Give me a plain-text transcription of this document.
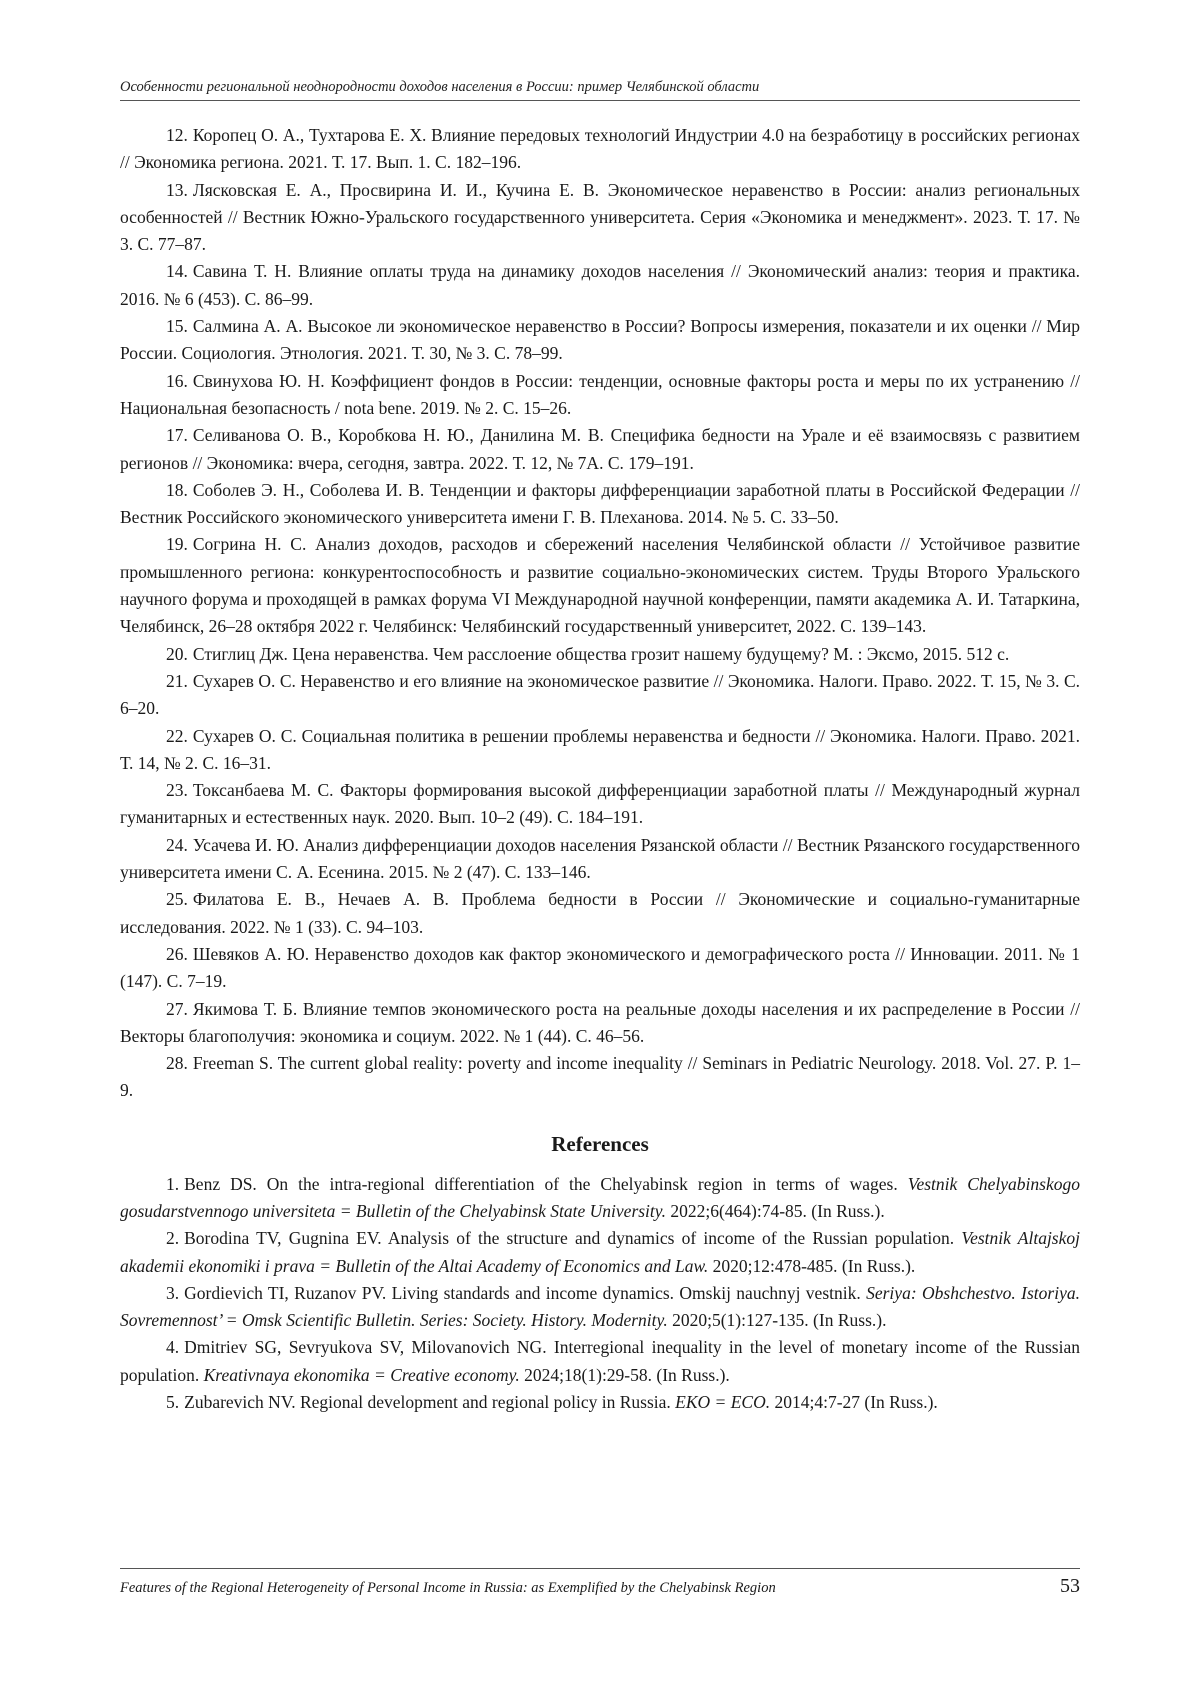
Особенности региональной неоднородности доходов населения в России: пример Челябинской области

12. Коропец О. А., Тухтарова Е. Х. Влияние передовых технологий Индустрии 4.0 на безработицу в российских регионах // Экономика региона. 2021. Т. 17. Вып. 1. С. 182–196.

13. Лясковская Е. А., Просвирина И. И., Кучина Е. В. Экономическое неравенство в России: анализ региональных особенностей // Вестник Южно-Уральского государственного университета. Серия «Экономика и менеджмент». 2023. Т. 17. № 3. С. 77–87.

14. Савина Т. Н. Влияние оплаты труда на динамику доходов населения // Экономический анализ: теория и практика. 2016. № 6 (453). С. 86–99.

15. Салмина А. А. Высокое ли экономическое неравенство в России? Вопросы измерения, показатели и их оценки // Мир России. Социология. Этнология. 2021. Т. 30, № 3. С. 78–99.

16. Свинухова Ю. Н. Коэффициент фондов в России: тенденции, основные факторы роста и меры по их устранению // Национальная безопасность / nota bene. 2019. № 2. С. 15–26.

17. Селиванова О. В., Коробкова Н. Ю., Данилина М. В. Специфика бедности на Урале и её взаимосвязь с развитием регионов // Экономика: вчера, сегодня, завтра. 2022. Т. 12, № 7А. С. 179–191.

18. Соболев Э. Н., Соболева И. В. Тенденции и факторы дифференциации заработной платы в Российской Федерации // Вестник Российского экономического университета имени Г. В. Плеханова. 2014. № 5. С. 33–50.

19. Согрина Н. С. Анализ доходов, расходов и сбережений населения Челябинской области // Устойчивое развитие промышленного региона: конкурентоспособность и развитие социально-экономических систем. Труды Второго Уральского научного форума и проходящей в рамках форума VI Международной научной конференции, памяти академика А. И. Татаркина, Челябинск, 26–28 октября 2022 г. Челябинск: Челябинский государственный университет, 2022. С. 139–143.

20. Стиглиц Дж. Цена неравенства. Чем расслоение общества грозит нашему будущему? М. : Эксмо, 2015. 512 с.

21. Сухарев О. С. Неравенство и его влияние на экономическое развитие // Экономика. Налоги. Право. 2022. Т. 15, № 3. С. 6–20.

22. Сухарев О. С. Социальная политика в решении проблемы неравенства и бедности // Экономика. Налоги. Право. 2021. Т. 14, № 2. С. 16–31.

23. Токсанбаева М. С. Факторы формирования высокой дифференциации заработной платы // Международный журнал гуманитарных и естественных наук. 2020. Вып. 10–2 (49). С. 184–191.

24. Усачева И. Ю. Анализ дифференциации доходов населения Рязанской области // Вестник Рязанского государственного университета имени С. А. Есенина. 2015. № 2 (47). С. 133–146.

25. Филатова Е. В., Нечаев А. В. Проблема бедности в России // Экономические и социально-гуманитарные исследования. 2022. № 1 (33). С. 94–103.

26. Шевяков А. Ю. Неравенство доходов как фактор экономического и демографического роста // Инновации. 2011. № 1 (147). С. 7–19.

27. Якимова Т. Б. Влияние темпов экономического роста на реальные доходы населения и их распределение в России // Векторы благополучия: экономика и социум. 2022. № 1 (44). С. 46–56.

28. Freeman S. The current global reality: poverty and income inequality // Seminars in Pediatric Neurology. 2018. Vol. 27. P. 1–9.

References

1. Benz DS. On the intra-regional differentiation of the Chelyabinsk region in terms of wages. Vestnik Chelyabinskogo gosudarstvennogo universiteta = Bulletin of the Chelyabinsk State University. 2022;6(464):74-85. (In Russ.).

2. Borodina TV, Gugnina EV. Analysis of the structure and dynamics of income of the Russian population. Vestnik Altajskoj akademii ekonomiki i prava = Bulletin of the Altai Academy of Economics and Law. 2020;12:478-485. (In Russ.).

3. Gordievich TI, Ruzanov PV. Living standards and income dynamics. Omskij nauchnyj vestnik. Seriya: Obshchestvo. Istoriya. Sovremennost’ = Omsk Scientific Bulletin. Series: Society. History. Modernity. 2020;5(1):127-135. (In Russ.).

4. Dmitriev SG, Sevryukova SV, Milovanovich NG. Interregional inequality in the level of monetary income of the Russian population. Kreativnaya ekonomika = Creative economy. 2024;18(1):29-58. (In Russ.).

5. Zubarevich NV. Regional development and regional policy in Russia. EKO = ECO. 2014;4:7-27 (In Russ.).

Features of the Regional Heterogeneity of Personal Income in Russia: as Exemplified by the Chelyabinsk Region	53
